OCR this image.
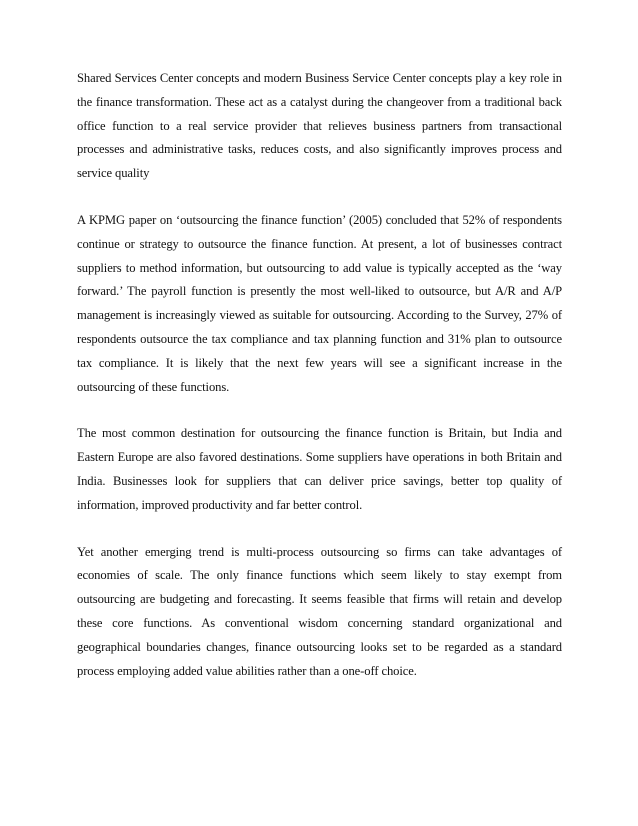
Shared Services Center concepts and modern Business Service Center concepts play a key role in the finance transformation. These act as a catalyst during the changeover from a traditional back office function to a real service provider that relieves business partners from transactional processes and administrative tasks, reduces costs, and also significantly improves process and service quality

A KPMG paper on ‘outsourcing the finance function’ (2005) concluded that 52% of respondents continue or strategy to outsource the finance function. At present, a lot of businesses contract suppliers to method information, but outsourcing to add value is typically accepted as the ‘way forward.’ The payroll function is presently the most well-liked to outsource, but A/R and A/P management is increasingly viewed as suitable for outsourcing. According to the Survey, 27% of respondents outsource the tax compliance and tax planning function and 31% plan to outsource tax compliance. It is likely that the next few years will see a significant increase in the outsourcing of these functions.

The most common destination for outsourcing the finance function is Britain, but India and Eastern Europe are also favored destinations. Some suppliers have operations in both Britain and India. Businesses look for suppliers that can deliver price savings, better top quality of information, improved productivity and far better control.

Yet another emerging trend is multi-process outsourcing so firms can take advantages of economies of scale. The only finance functions which seem likely to stay exempt from outsourcing are budgeting and forecasting. It seems feasible that firms will retain and develop these core functions. As conventional wisdom concerning standard organizational and geographical boundaries changes, finance outsourcing looks set to be regarded as a standard process employing added value abilities rather than a one-off choice.
